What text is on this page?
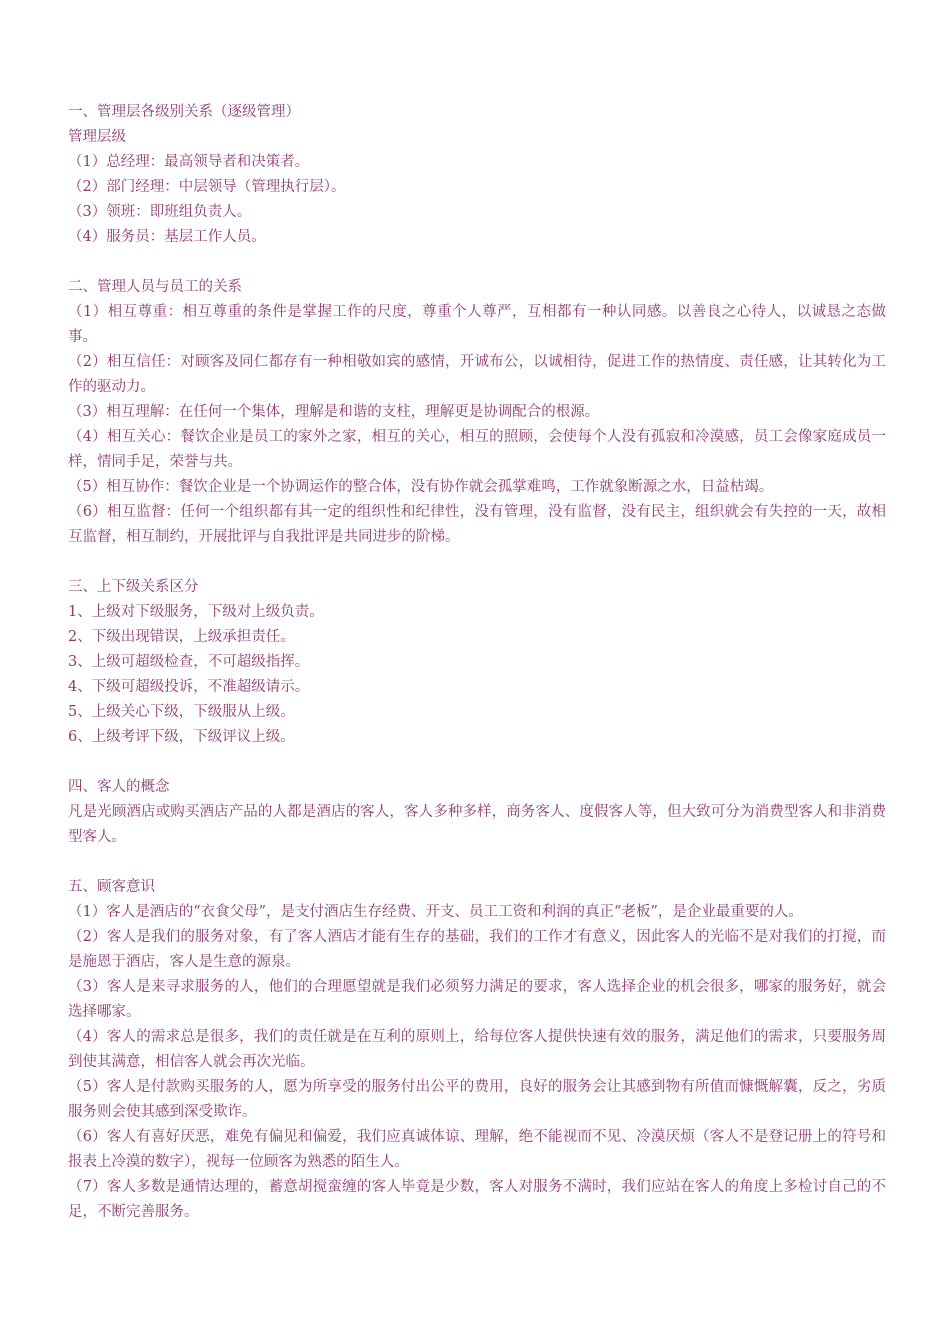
一、管理层各级别关系（逐级管理）
管理层级
（1）总经理：最高领导者和决策者。
（2）部门经理：中层领导（管理执行层）。
（3）领班：即班组负责人。
（4）服务员：基层工作人员。
二、管理人员与员工的关系
（1）相互尊重：相互尊重的条件是掌握工作的尺度，尊重个人尊严，互相都有一种认同感。以善良之心待人，以诚恳之态做事。
（2）相互信任：对顾客及同仁都存有一种相敬如宾的感情，开诚布公，以诚相待，促进工作的热情度、责任感，让其转化为工作的驱动力。
（3）相互理解：在任何一个集体，理解是和谐的支柱，理解更是协调配合的根源。
（4）相互关心：餐饮企业是员工的家外之家，相互的关心，相互的照顾，会使每个人没有孤寂和冷漠感，员工会像家庭成员一样，情同手足，荣誉与共。
（5）相互协作：餐饮企业是一个协调运作的整合体，没有协作就会孤掌难鸣，工作就象断源之水，日益枯竭。
（6）相互监督：任何一个组织都有其一定的组织性和纪律性，没有管理，没有监督，没有民主，组织就会有失控的一天，故相互监督，相互制约，开展批评与自我批评是共同进步的阶梯。
三、上下级关系区分
1、上级对下级服务，下级对上级负责。
2、下级出现错误，上级承担责任。
3、上级可超级检查，不可超级指挥。
4、下级可超级投诉，不准超级请示。
5、上级关心下级，下级服从上级。
6、上级考评下级，下级评议上级。
四、客人的概念
凡是光顾酒店或购买酒店产品的人都是酒店的客人，客人多种多样，商务客人、度假客人等，但大致可分为消费型客人和非消费型客人。
五、顾客意识
（1）客人是酒店的“衣食父母”，是支付酒店生存经费、开支、员工工资和利润的真正“老板”，是企业最重要的人。
（2）客人是我们的服务对象，有了客人酒店才能有生存的基础，我们的工作才有意义，因此客人的光临不是对我们的打搅，而是施恩于酒店，客人是生意的源泉。
（3）客人是来寻求服务的人，他们的合理愿望就是我们必须努力满足的要求，客人选择企业的机会很多，哪家的服务好，就会选择哪家。
（4）客人的需求总是很多，我们的责任就是在互利的原则上，给每位客人提供快速有效的服务，满足他们的需求，只要服务周到使其满意，相信客人就会再次光临。
（5）客人是付款购买服务的人，愿为所享受的服务付出公平的费用，良好的服务会让其感到物有所值而慷慨解囊，反之，劣质服务则会使其感到深受欺诈。
（6）客人有喜好厌恶，难免有偏见和偏爱，我们应真诚体谅、理解，绝不能视而不见、冷漠厌烦（客人不是登记册上的符号和报表上冷漠的数字），视每一位顾客为熟悉的陌生人。
（7）客人多数是通情达理的，蓄意胡搅蛮缠的客人毕竟是少数，客人对服务不满时，我们应站在客人的角度上多检讨自己的不足，不断完善服务。
